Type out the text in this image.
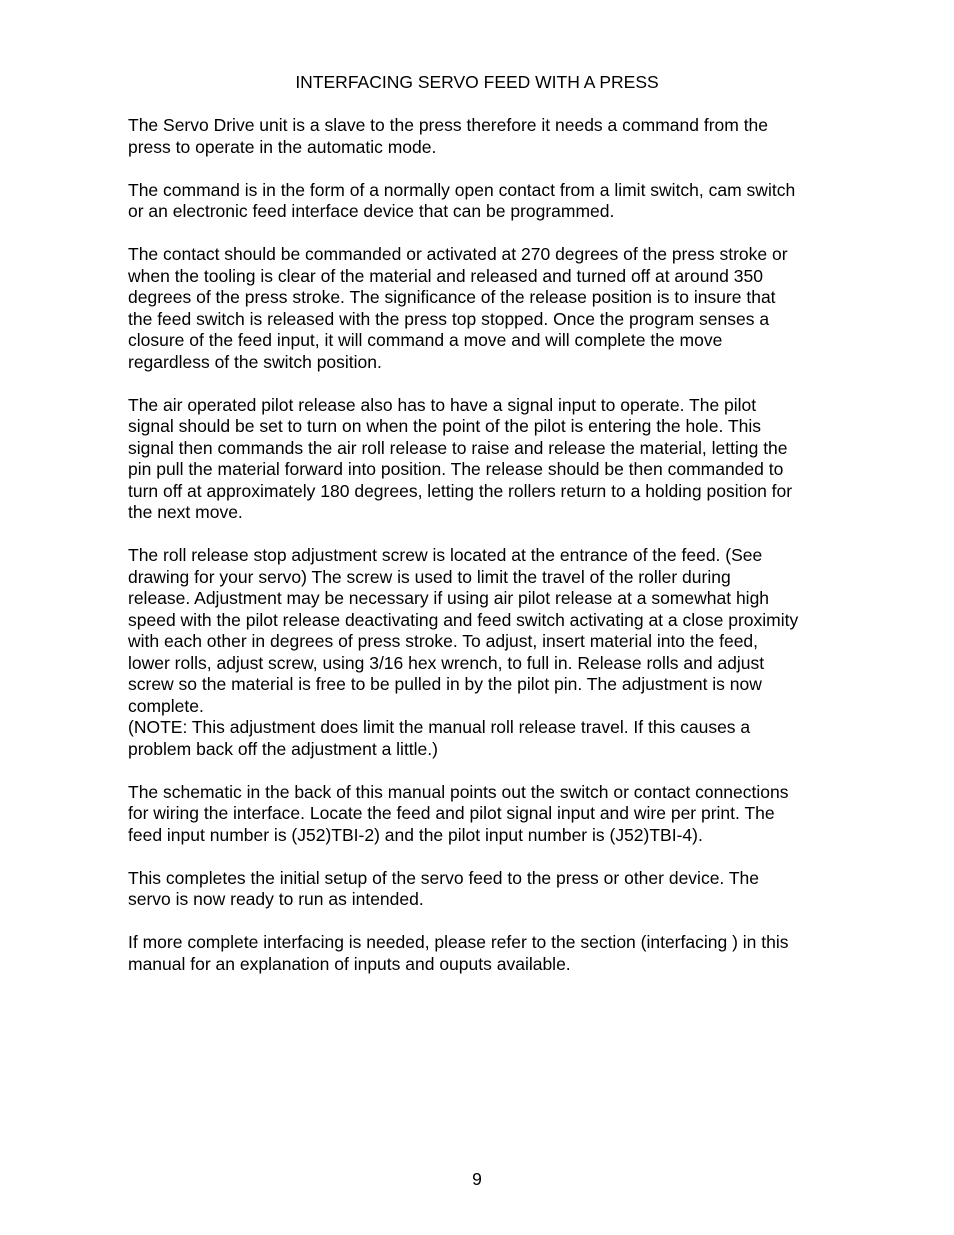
INTERFACING SERVO FEED WITH A PRESS

The Servo Drive unit is a slave to the press therefore it needs a command from the
press to operate in the automatic mode.

The command is in the form of a normally open contact from a limit switch, cam switch
or an electronic feed interface device that can be programmed.

The contact should be commanded or activated at 270 degrees of the press stroke or
when the tooling is clear of the material and released and turned off at around 350
degrees of the press stroke. The significance of the release position is to insure that
the feed switch is released with the press top stopped. Once the program senses a
closure of the feed input, it will command a move and will complete the move
regardless of the switch position.

The air operated pilot release also has to have a signal input to operate. The pilot
signal should be set to turn on when the point of the pilot is entering the hole. This
signal then commands the air roll release to raise and release the material, letting the
pin pull the material forward into position. The release should be then commanded to
turn off at approximately 180 degrees, letting the rollers return to a holding position for
the next move.

The roll release stop adjustment screw is located at the entrance of the feed. (See
drawing for your servo) The screw is used to limit the travel of the roller during
release. Adjustment may be necessary if using air pilot release at a somewhat high
speed with the pilot release deactivating and feed switch activating at a close proximity
with each other in degrees of press stroke. To adjust, insert material into the feed,
lower rolls, adjust screw, using 3/16 hex wrench, to full in. Release rolls and adjust
screw so the material is free to be pulled in by the pilot pin. The adjustment is now
complete.

(NOTE: This adjustment does limit the manual roll release travel. If this causes a
problem back off the adjustment a little.)

The schematic in the back of this manual points out the switch or contact connections
for wiring the interface. Locate the feed and pilot signal input and wire per print. The
feed input number is (J52)TBI-2) and the pilot input number is (J52)TBI-4).

This completes the initial setup of the servo feed to the press or other device. The
servo is now ready to run as intended.

If more complete interfacing is needed, please refer to the section (interfacing ) in this
manual for an explanation of inputs and ouputs available.

9
